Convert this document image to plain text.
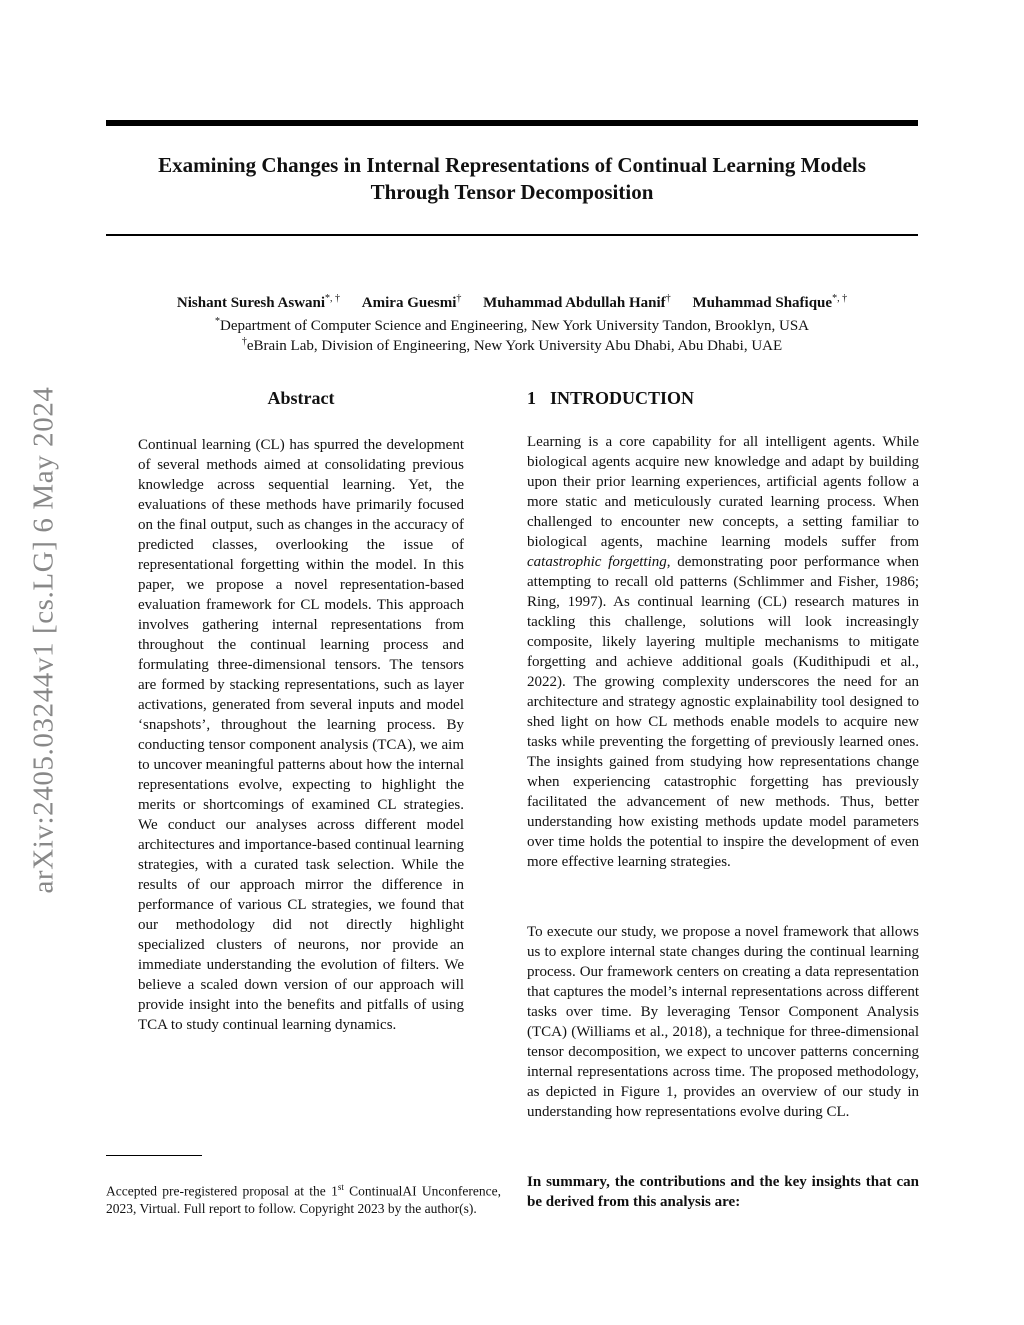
Examining Changes in Internal Representations of Continual Learning Models
Through Tensor Decomposition
Nishant Suresh Aswani*, † Amira Guesmi† Muhammad Abdullah Hanif† Muhammad Shafique*, †
*Department of Computer Science and Engineering, New York University Tandon, Brooklyn, USA
†eBrain Lab, Division of Engineering, New York University Abu Dhabi, Abu Dhabi, UAE
arXiv:2405.03244v1 [cs.LG] 6 May 2024	Abstract

Continual learning (CL) has spurred the development of several methods aimed at consolidating previous knowledge across sequential learning. Yet, the evaluations of these methods have primarily focused on the final output, such as changes in the accuracy of predicted classes, overlooking the issue of representational forgetting within the model. In this paper, we propose a novel representation-based evaluation framework for CL models. This approach involves gathering internal representations from throughout the continual learning process and formulating three-dimensional tensors. The tensors are formed by stacking representations, such as layer activations, generated from several inputs and model ‘snapshots’, throughout the learning process. By conducting tensor component analysis (TCA), we aim to uncover meaningful patterns about how the internal representations evolve, expecting to highlight the merits or shortcomings of examined CL strategies. We conduct our analyses across different model architectures and importance-based continual learning strategies, with a curated task selection. While the results of our approach mirror the difference in performance of various CL strategies, we found that our methodology did not directly highlight specialized clusters of neurons, nor provide an immediate understanding the evolution of filters. We believe a scaled down version of our approach will provide insight into the benefits and pitfalls of using TCA to study continual learning dynamics.

1 INTRODUCTION

Learning is a core capability for all intelligent agents. While biological agents acquire new knowledge and adapt by building upon their prior learning experiences, artificial agents follow a more static and meticulously curated learning process. When challenged to encounter new concepts, a setting familiar to biological agents, machine learning models suffer from catastrophic forgetting, demonstrating poor performance when attempting to recall old patterns (Schlimmer and Fisher, 1986; Ring, 1997). As continual learning (CL) research matures in tackling this challenge, solutions will look increasingly composite, likely layering multiple mechanisms to mitigate forgetting and achieve additional goals (Kudithipudi et al., 2022). The growing complexity underscores the need for an architecture and strategy agnostic explainability tool designed to shed light on how CL methods enable models to acquire new tasks while preventing the forgetting of previously learned ones. The insights gained from studying how representations change when experiencing catastrophic forgetting has previously facilitated the advancement of new methods. Thus, better understanding how existing methods update model parameters over time holds the potential to inspire the development of even more effective learning strategies.

To execute our study, we propose a novel framework that allows us to explore internal state changes during the continual learning process. Our framework centers on creating a data representation that captures the model’s internal representations across different tasks over time. By leveraging Tensor Component Analysis (TCA) (Williams et al., 2018), a technique for three-dimensional tensor decomposition, we expect to uncover patterns concerning internal representations across time. The proposed methodology, as depicted in Figure 1, provides an overview of our study in understanding how representations evolve during CL.

In summary, the contributions and the key insights that can be derived from this analysis are:

Accepted pre-registered proposal at the 1st ContinualAI Unconference, 2023, Virtual. Full report to follow. Copyright 2023 by the author(s).
